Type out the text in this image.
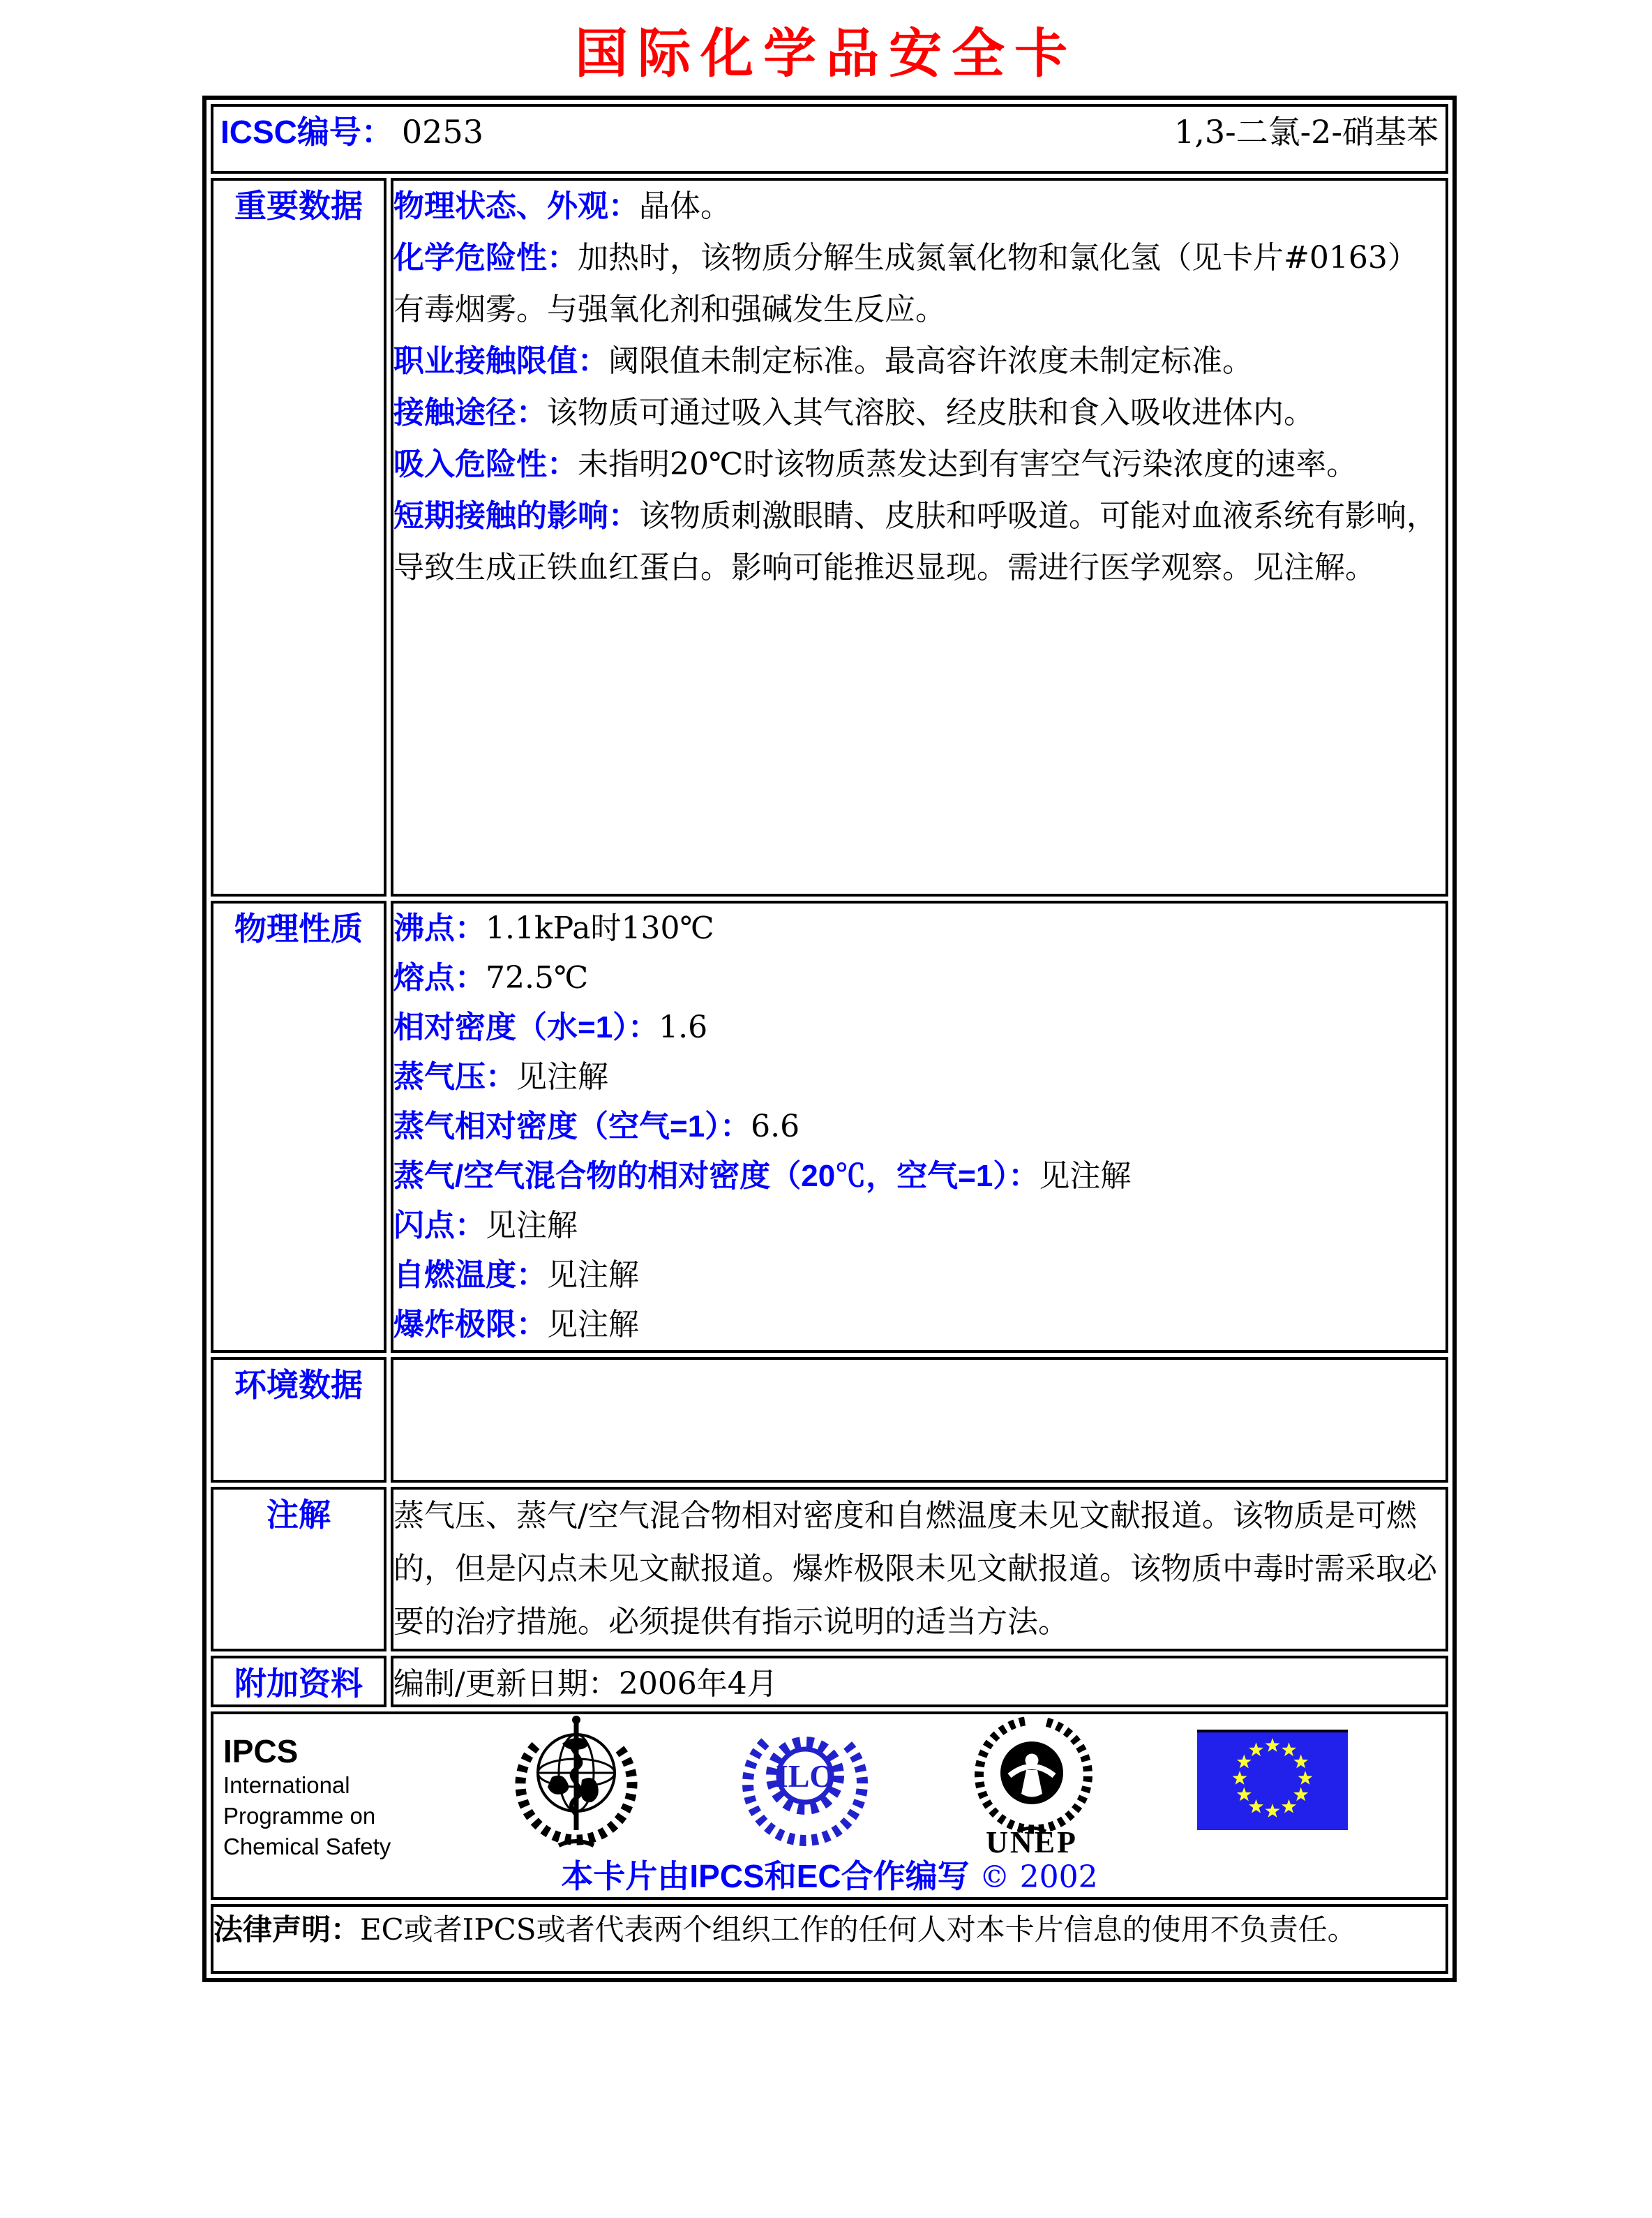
国际化学品安全卡
ICSC编号： 0253 1,3-二氯-2-硝基苯	

重要数据	物理状态、外观：晶体。
化学危险性：加热时，该物质分解生成氮氧化物和氯化氢（见卡片#0163）有毒烟雾。与强氧化剂和强碱发生反应。
职业接触限值：阈限值未制定标准。最高容许浓度未制定标准。
接触途径：该物质可通过吸入其气溶胶、经皮肤和食入吸收进体内。
吸入危险性：未指明20℃时该物质蒸发达到有害空气污染浓度的速率。
短期接触的影响：该物质刺激眼睛、皮肤和呼吸道。可能对血液系统有影响，导致生成正铁血红蛋白。影响可能推迟显现。需进行医学观察。见注解。

物理性质	沸点：1.1kPa时130℃
熔点：72.5℃
相对密度（水=1）：1.6
蒸气压：见注解
蒸气相对密度（空气=1）：6.6
蒸气/空气混合物的相对密度（20℃，空气=1）：见注解
闪点：见注解
自燃温度：见注解
爆炸极限：见注解

环境数据	
注解	蒸气压、蒸气/空气混合物相对密度和自燃温度未见文献报道。该物质是可燃的，但是闪点未见文献报道。爆炸极限未见文献报道。该物质中毒时需采取必要的治疗措施。必须提供有指示说明的适当方法。

附加资料	编制/更新日期：2006年4月

IPCS
International
Programme on
Chemical Safety
ILO
UNEP
本卡片由IPCS和EC合作编写 © 2002

法律声明：EC或者IPCS或者代表两个组织工作的任何人对本卡片信息的使用不负责任。	
